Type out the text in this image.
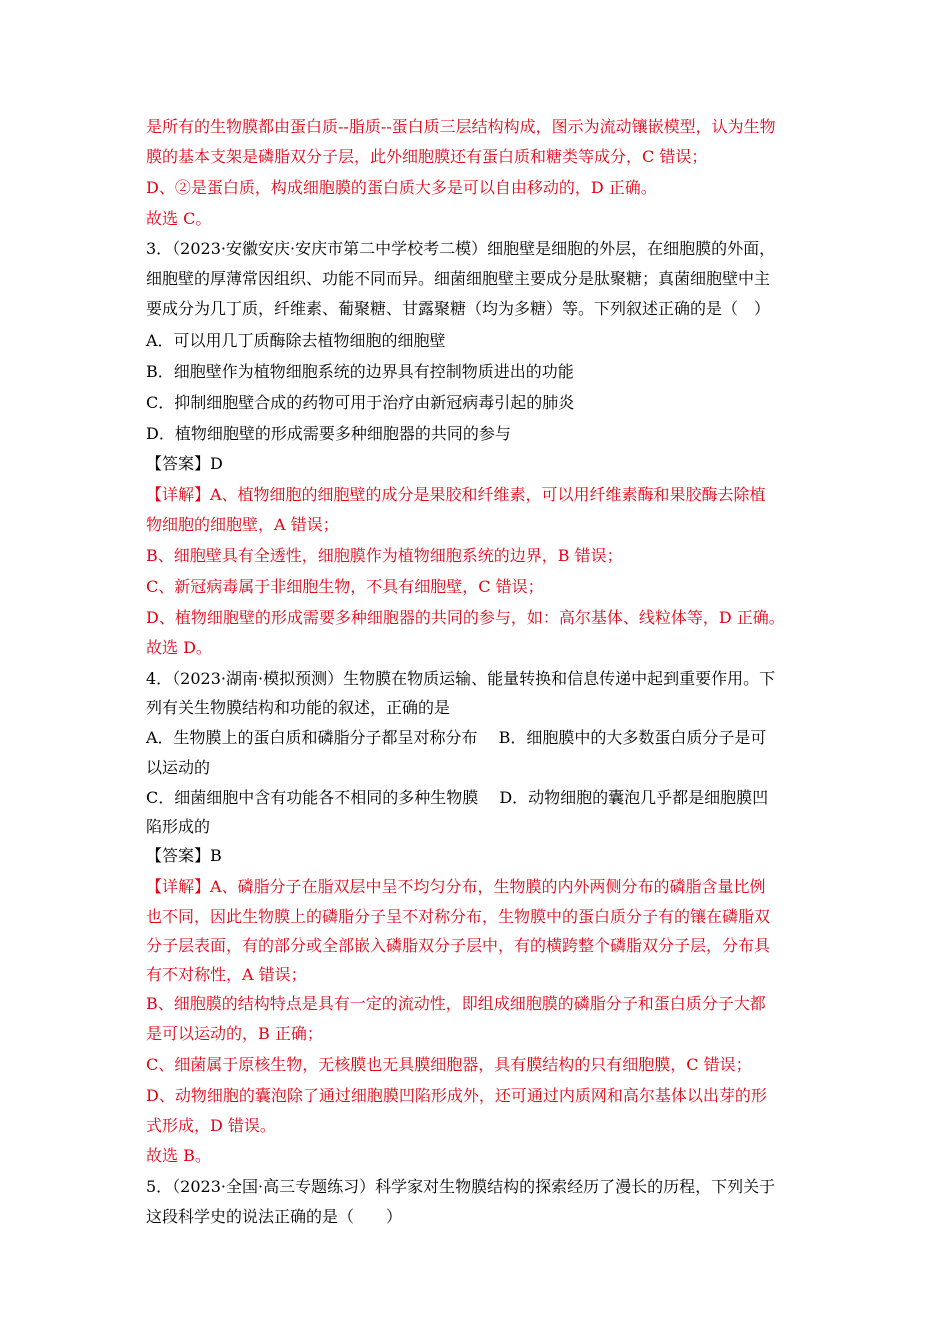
是所有的生物膜都由蛋白质--脂质--蛋白质三层结构构成，图示为流动镶嵌模型，认为生物
膜的基本支架是磷脂双分子层，此外细胞膜还有蛋白质和糖类等成分，C 错误；
D、②是蛋白质，构成细胞膜的蛋白质大多是可以自由移动的，D 正确。
故选 C。
3．（2023·安徽安庆·安庆市第二中学校考二模）细胞壁是细胞的外层，在细胞膜的外面，
细胞壁的厚薄常因组织、功能不同而异。细菌细胞壁主要成分是肽聚糖；真菌细胞壁中主
要成分为几丁质，纤维素、葡聚糖、甘露聚糖（均为多糖）等。下列叙述正确的是（　）
A．可以用几丁质酶除去植物细胞的细胞壁
B．细胞壁作为植物细胞系统的边界具有控制物质进出的功能
C．抑制细胞壁合成的药物可用于治疗由新冠病毒引起的肺炎
D．植物细胞壁的形成需要多种细胞器的共同的参与
【答案】D
【详解】A、植物细胞的细胞壁的成分是果胶和纤维素，可以用纤维素酶和果胶酶去除植
物细胞的细胞壁，A 错误；
B、细胞壁具有全透性，细胞膜作为植物细胞系统的边界，B 错误；
C、新冠病毒属于非细胞生物，不具有细胞壁，C 错误；
D、植物细胞壁的形成需要多种细胞器的共同的参与，如：高尔基体、线粒体等，D 正确。
故选 D。
4．（2023·湖南·模拟预测）生物膜在物质运输、能量转换和信息传递中起到重要作用。下
列有关生物膜结构和功能的叙述，正确的是
A．生物膜上的蛋白质和磷脂分子都呈对称分布　 B．细胞膜中的大多数蛋白质分子是可
以运动的
C．细菌细胞中含有功能各不相同的多种生物膜　 D．动物细胞的囊泡几乎都是细胞膜凹
陷形成的
【答案】B
【详解】A、磷脂分子在脂双层中呈不均匀分布，生物膜的内外两侧分布的磷脂含量比例
也不同，因此生物膜上的磷脂分子呈不对称分布，生物膜中的蛋白质分子有的镶在磷脂双
分子层表面，有的部分或全部嵌入磷脂双分子层中，有的横跨整个磷脂双分子层，分布具
有不对称性，A 错误；
B、细胞膜的结构特点是具有一定的流动性，即组成细胞膜的磷脂分子和蛋白质分子大都
是可以运动的，B 正确；
C、细菌属于原核生物，无核膜也无具膜细胞器，具有膜结构的只有细胞膜，C 错误；
D、动物细胞的囊泡除了通过细胞膜凹陷形成外，还可通过内质网和高尔基体以出芽的形
式形成，D 错误。
故选 B。
5．（2023·全国·高三专题练习）科学家对生物膜结构的探索经历了漫长的历程，下列关于
这段科学史的说法正确的是（　　）
